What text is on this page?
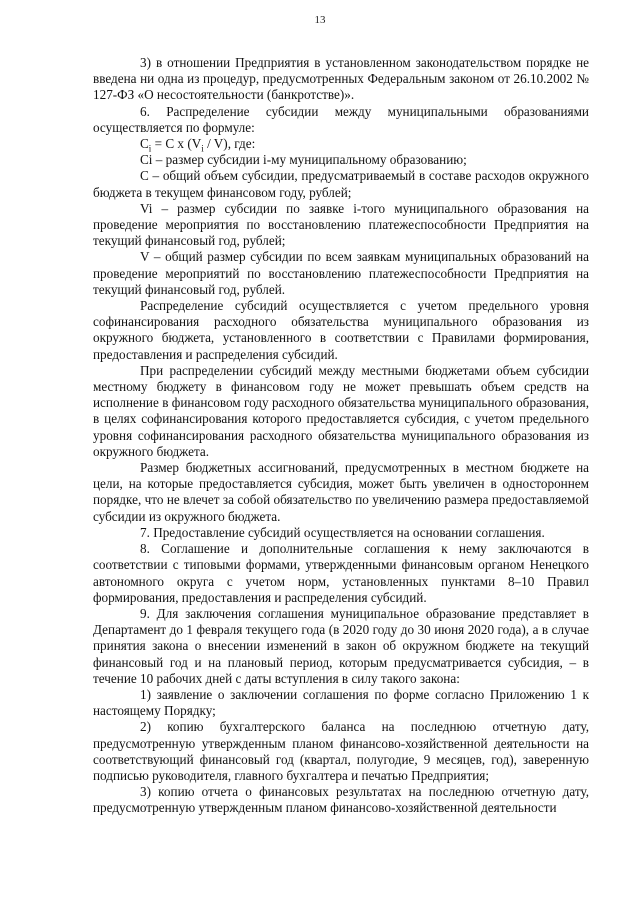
13

3) в отношении Предприятия в установленном законодательством порядке не введена ни одна из процедур, предусмотренных Федеральным законом от 26.10.2002 № 127-ФЗ «О несостоятельности (банкротстве)».

6. Распределение субсидии между муниципальными образованиями осуществляется по формуле:

$C_i = C$ x $(V_i / V)$, где:

Ci – размер субсидии i-му муниципальному образованию;

C – общий объем субсидии, предусматриваемый в составе расходов окружного бюджета в текущем финансовом году, рублей;

Vi – размер субсидии по заявке i-того муниципального образования на проведение мероприятия по восстановлению платежеспособности Предприятия на текущий финансовый год, рублей;

V – общий размер субсидии по всем заявкам муниципальных образований на проведение мероприятий по восстановлению платежеспособности Предприятия на текущий финансовый год, рублей.

Распределение субсидий осуществляется с учетом предельного уровня софинансирования расходного обязательства муниципального образования из окружного бюджета, установленного в соответствии с Правилами формирования, предоставления и распределения субсидий.

При распределении субсидий между местными бюджетами объем субсидии местному бюджету в финансовом году не может превышать объем средств на исполнение в финансовом году расходного обязательства муниципального образования, в целях софинансирования которого предоставляется субсидия, с учетом предельного уровня софинансирования расходного обязательства муниципального образования из окружного бюджета.

Размер бюджетных ассигнований, предусмотренных в местном бюджете на цели, на которые предоставляется субсидия, может быть увеличен в одностороннем порядке, что не влечет за собой обязательство по увеличению размера предоставляемой субсидии из окружного бюджета.

7. Предоставление субсидий осуществляется на основании соглашения.

8. Соглашение и дополнительные соглашения к нему заключаются в соответствии с типовыми формами, утвержденными финансовым органом Ненецкого автономного округа с учетом норм, установленных пунктами 8–10 Правил формирования, предоставления и распределения субсидий.

9. Для заключения соглашения муниципальное образование представляет в Департамент до 1 февраля текущего года (в 2020 году до 30 июня 2020 года), а в случае принятия закона о внесении изменений в закон об окружном бюджете на текущий финансовый год и на плановый период, которым предусматривается субсидия, – в течение 10 рабочих дней с даты вступления в силу такого закона:

1) заявление о заключении соглашения по форме согласно Приложению 1 к настоящему Порядку;

2) копию бухгалтерского баланса на последнюю отчетную дату, предусмотренную утвержденным планом финансово-хозяйственной деятельности на соответствующий финансовый год (квартал, полугодие, 9 месяцев, год), заверенную подписью руководителя, главного бухгалтера и печатью Предприятия;

3) копию отчета о финансовых результатах на последнюю отчетную дату, предусмотренную утвержденным планом финансово-хозяйственной деятельности
